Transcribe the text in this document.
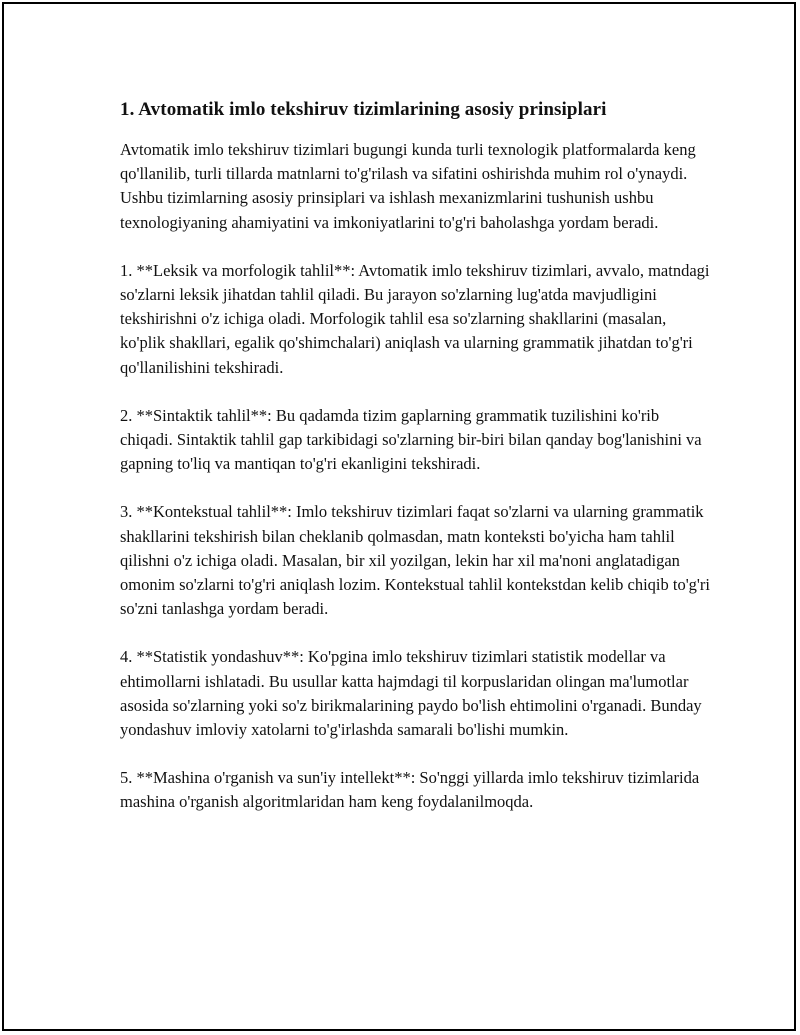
1. Avtomatik imlo tekshiruv tizimlarining asosiy prinsiplari

Avtomatik imlo tekshiruv tizimlari bugungi kunda turli texnologik platformalarda keng qo'llanilib, turli tillarda matnlarni to'g'rilash va sifatini oshirishda muhim rol o'ynaydi. Ushbu tizimlarning asosiy prinsiplari va ishlash mexanizmlarini tushunish ushbu texnologiyaning ahamiyatini va imkoniyatlarini to'g'ri baholashga yordam beradi.

1. **Leksik va morfologik tahlil**: Avtomatik imlo tekshiruv tizimlari, avvalo, matndagi so'zlarni leksik jihatdan tahlil qiladi. Bu jarayon so'zlarning lug'atda mavjudligini tekshirishni o'z ichiga oladi. Morfologik tahlil esa so'zlarning shakllarini (masalan, ko'plik shakllari, egalik qo'shimchalari) aniqlash va ularning grammatik jihatdan to'g'ri qo'llanilishini tekshiradi.

2. **Sintaktik tahlil**: Bu qadamda tizim gaplarning grammatik tuzilishini ko'rib chiqadi. Sintaktik tahlil gap tarkibidagi so'zlarning bir-biri bilan qanday bog'lanishini va gapning to'liq va mantiqan to'g'ri ekanligini tekshiradi.

3. **Kontekstual tahlil**: Imlo tekshiruv tizimlari faqat so'zlarni va ularning grammatik shakllarini tekshirish bilan cheklanib qolmasdan, matn konteksti bo'yicha ham tahlil qilishni o'z ichiga oladi. Masalan, bir xil yozilgan, lekin har xil ma'noni anglatadigan omonim so'zlarni to'g'ri aniqlash lozim. Kontekstual tahlil kontekstdan kelib chiqib to'g'ri so'zni tanlashga yordam beradi.

4. **Statistik yondashuv**: Ko'pgina imlo tekshiruv tizimlari statistik modellar va ehtimollarni ishlatadi. Bu usullar katta hajmdagi til korpuslaridan olingan ma'lumotlar asosida so'zlarning yoki so'z birikmalarining paydo bo'lish ehtimolini o'rganadi. Bunday yondashuv imloviy xatolarni to'g'irlashda samarali bo'lishi mumkin.

5. **Mashina o'rganish va sun'iy intellekt**: So'nggi yillarda imlo tekshiruv tizimlarida mashina o'rganish algoritmlaridan ham keng foydalanilmoqda.
